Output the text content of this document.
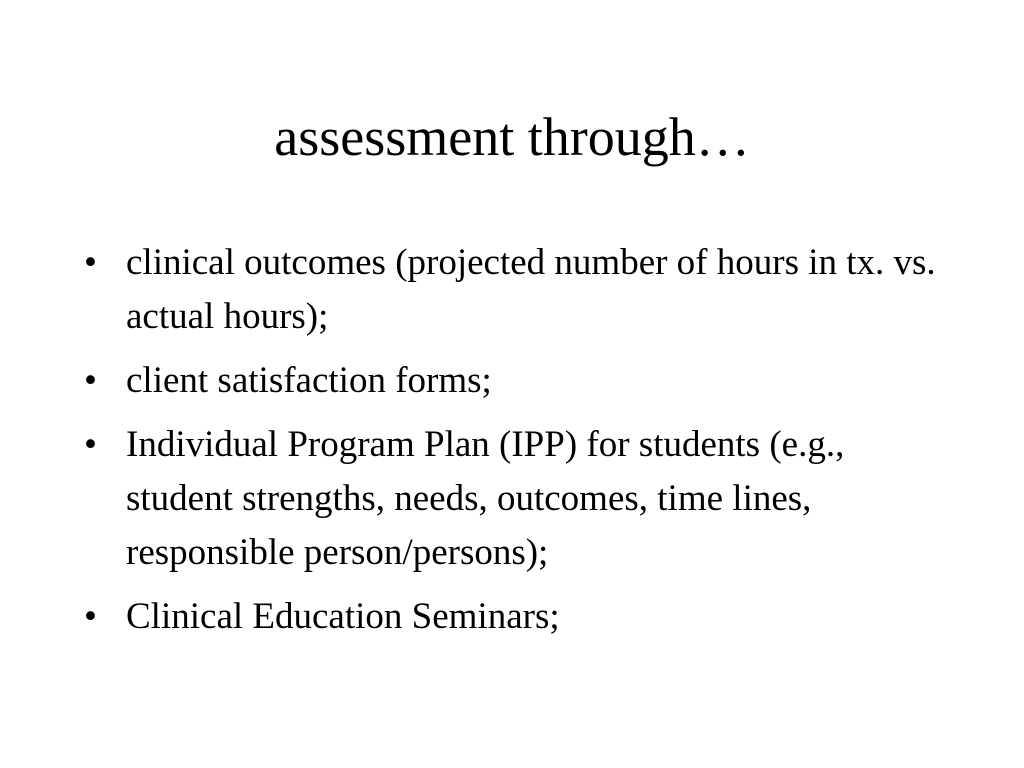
assessment through…
• clinical outcomes (projected number of hours in tx. vs. actual hours);
• client satisfaction forms;
• Individual Program Plan (IPP) for students (e.g., student strengths, needs, outcomes, time lines, responsible person/persons);
• Clinical Education Seminars;
